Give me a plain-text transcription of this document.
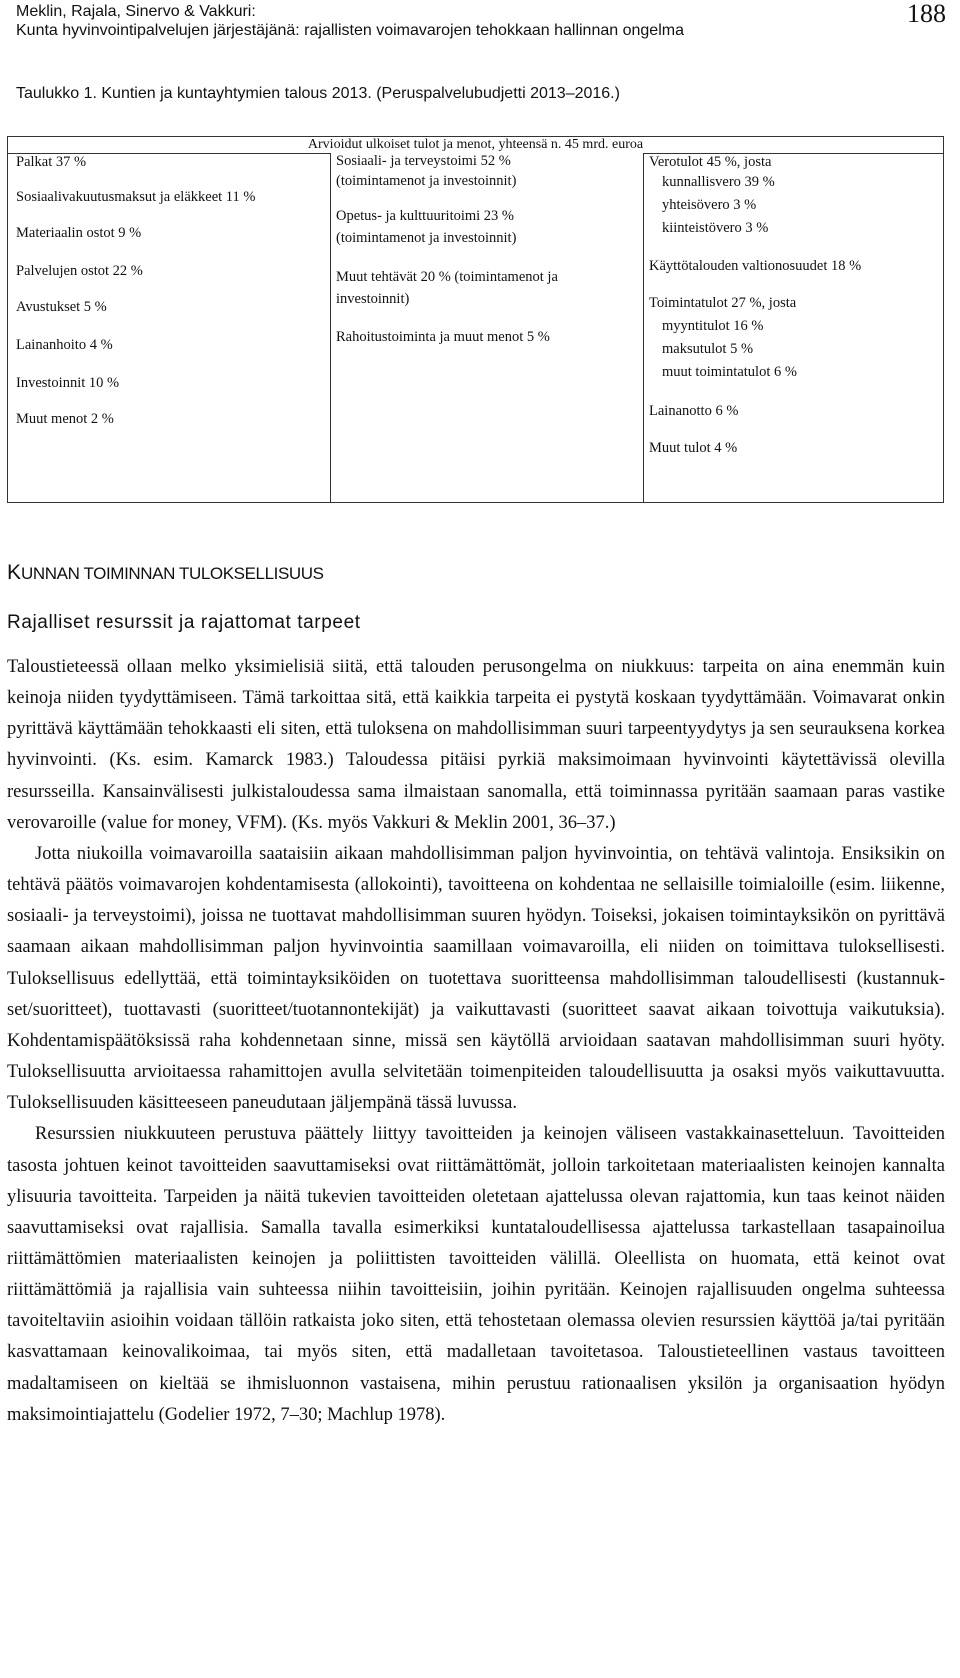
Meklin, Rajala, Sinervo & Vakkuri:
Kunta hyvinvointipalvelujen järjestäjänä: rajallisten voimavarojen tehokkaan hallinnan ongelma
188
Taulukko 1. Kuntien ja kuntayhtymien talous 2013. (Peruspalvelubudjetti 2013–2016.)
Arvioidut ulkoiset tulot ja menot, yhteensä n. 45 mrd. euroa
Palkat 37 %
Sosiaalivakuutusmaksut ja eläkkeet 11 %
Materiaalin ostot 9 %
Palvelujen ostot 22 %
Avustukset 5 %
Lainanhoito 4 %
Investoinnit 10 %
Muut menot 2 %
Sosiaali- ja terveystoimi 52 %
(toimintamenot ja investoinnit)
Opetus- ja kulttuuritoimi 23 %
(toimintamenot ja investoinnit)
Muut tehtävät 20 % (toimintamenot ja
investoinnit)
Rahoitustoiminta ja muut menot 5 %
Verotulot 45 %, josta
kunnallisvero 39 %
yhteisövero 3 %
kiinteistövero 3 %
Käyttötalouden valtionosuudet 18 %
Toimintatulot 27 %, josta
myyntitulot 16 %
maksutulot 5 %
muut toimintatulot 6 %
Lainanotto 6 %
Muut tulot 4 %
KUNNAN TOIMINNAN TULOKSELLISUUS
Rajalliset resurssit ja rajattomat tarpeet

Taloustieteessä ollaan melko yksimielisiä siitä, että talouden perusongelma on niukkuus: tarpeita on aina enemmän kuin keinoja niiden tyydyttämiseen. Tämä tarkoittaa sitä, että kaikkia tarpeita ei pystytä koskaan tyydyttämään. Voimavarat onkin pyrittävä käyttämään tehokkaasti eli siten, että tuloksena on mahdollisimman suuri tarpeentyydytys ja sen seurauksena korkea hyvinvointi. (Ks. esim. Kamarck 1983.) Taloudessa pitäisi pyrkiä maksimoimaan hyvinvointi käytettävissä olevilla resursseilla. Kansainvälisesti julkistaloudessa sama ilmaistaan sanomalla, että toiminnassa pyritään saamaan paras vastike verovaroille (value for money, VFM). (Ks. myös Vakkuri & Meklin 2001, 36–37.)

Jotta niukoilla voimavaroilla saataisiin aikaan mahdollisimman paljon hyvinvointia, on tehtävä valintoja. Ensiksikin on tehtävä päätös voimavarojen kohdentamisesta (allokointi), tavoitteena on kohdentaa ne sellaisille toimialoille (esim. liikenne, sosiaali- ja terveystoimi), joissa ne tuottavat mahdollisimman suuren hyödyn. Toiseksi, jokaisen toimintayksikön on pyrittävä saamaan aikaan mahdollisimman paljon hyvinvointia saamillaan voimavaroilla, eli niiden on toimittava tuloksellisesti. Tuloksellisuus edellyttää, että toimintayksiköiden on tuotettava suoritteensa mahdollisimman taloudellisesti (kustannukset/suoritteet), tuottavasti (suoritteet/tuotannontekijät) ja vaikuttavasti (suoritteet saavat aikaan toivottuja vaikutuksia). Kohdentamispäätöksissä raha kohdennetaan sinne, missä sen käytöllä arvioidaan saatavan mahdollisimman suuri hyöty. Tuloksellisuutta arvioitaessa rahamittojen avulla selvitetään toimenpiteiden taloudellisuutta ja osaksi myös vaikuttavuutta. Tuloksellisuuden käsitteeseen paneudutaan jäljempänä tässä luvussa.

Resurssien niukkuuteen perustuva päättely liittyy tavoitteiden ja keinojen väliseen vastakkainasetteluun. Tavoitteiden tasosta johtuen keinot tavoitteiden saavuttamiseksi ovat riittämättömät, jolloin tarkoitetaan materiaalisten keinojen kannalta ylisuuria tavoitteita. Tarpeiden ja näitä tukevien tavoitteiden oletetaan ajattelussa olevan rajattomia, kun taas keinot näiden saavuttamiseksi ovat rajallisia. Samalla tavalla esimerkiksi kuntataloudellisessa ajattelussa tarkastellaan tasapainoilua riittämättömien materiaalisten keinojen ja poliittisten tavoitteiden välillä. Oleellista on huomata, että keinot ovat riittämättömiä ja rajallisia vain suhteessa niihin tavoitteisiin, joihin pyritään. Keinojen rajallisuuden ongelma suhteessa tavoiteltaviin asioihin voidaan tällöin ratkaista joko siten, että tehostetaan olemassa olevien resurssien käyttöä ja/tai pyritään kasvattamaan keinovalikoimaa, tai myös siten, että madalletaan tavoitetasoa. Taloustieteellinen vastaus tavoitteen madaltamiseen on kieltää se ihmisluonnon vastaisena, mihin perustuu rationaalisen yksilön ja organisaation hyödyn maksimointiajattelu (Godelier 1972, 7–30; Machlup 1978).
